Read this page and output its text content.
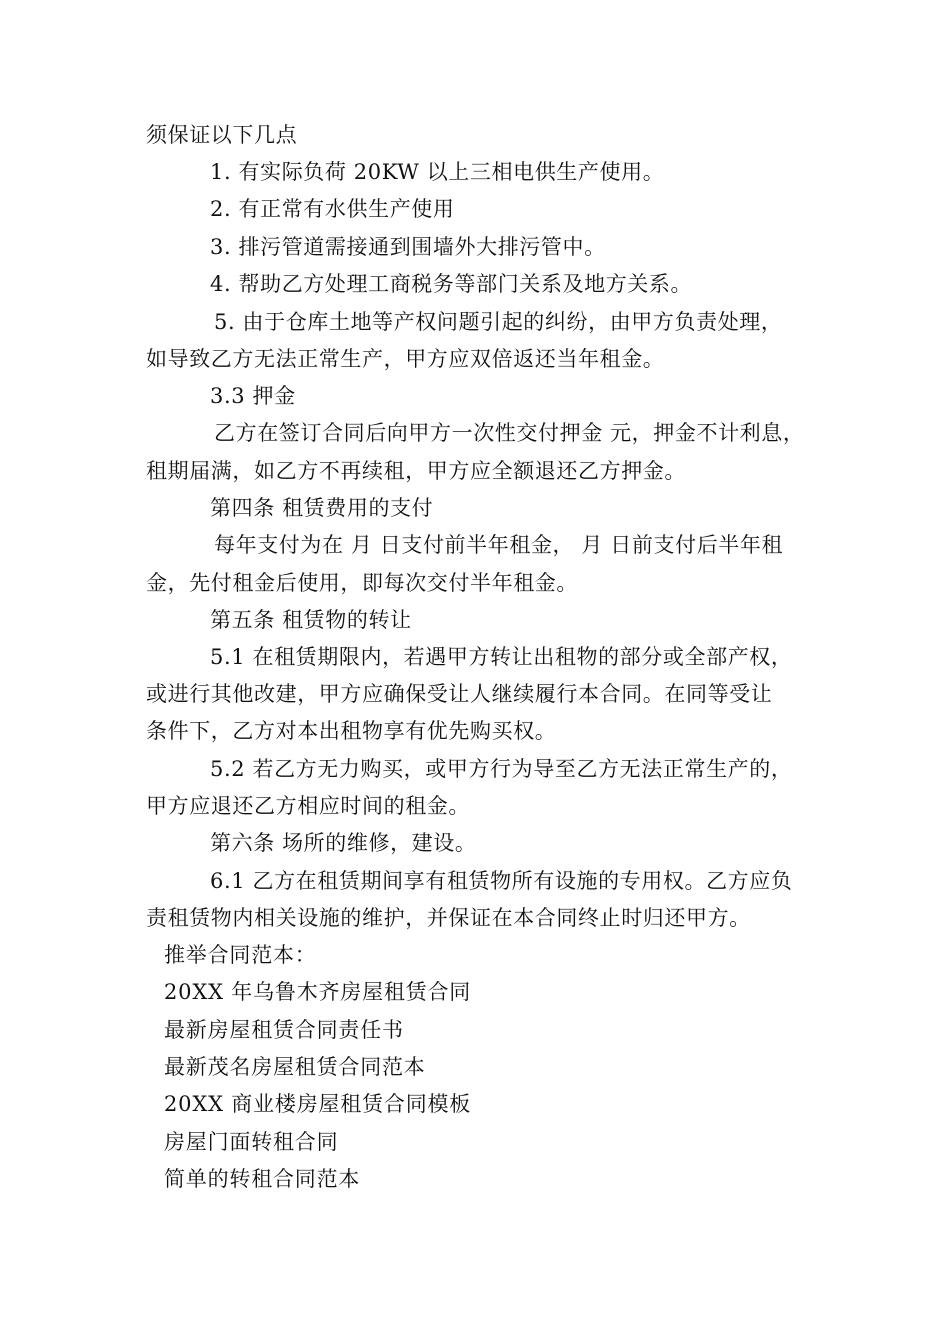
须保证以下几点
1. 有实际负荷 20KW 以上三相电供生产使用。
2. 有正常有水供生产使用
3. 排污管道需接通到围墙外大排污管中。
4. 帮助乙方处理工商税务等部门关系及地方关系。
5. 由于仓库土地等产权问题引起的纠纷，由甲方负责处理，
如导致乙方无法正常生产，甲方应双倍返还当年租金。
3.3 押金
乙方在签订合同后向甲方一次性交付押金 元，押金不计利息，
租期届满，如乙方不再续租，甲方应全额退还乙方押金。
第四条 租赁费用的支付
每年支付为在 月 日支付前半年租金， 月 日前支付后半年租
金，先付租金后使用，即每次交付半年租金。
第五条 租赁物的转让
5.1 在租赁期限内，若遇甲方转让出租物的部分或全部产权，
或进行其他改建，甲方应确保受让人继续履行本合同。在同等受让
条件下，乙方对本出租物享有优先购买权。
5.2 若乙方无力购买，或甲方行为导至乙方无法正常生产的，
甲方应退还乙方相应时间的租金。
第六条 场所的维修，建设。
6.1 乙方在租赁期间享有租赁物所有设施的专用权。乙方应负
责租赁物内相关设施的维护，并保证在本合同终止时归还甲方。
推举合同范本：
20XX 年乌鲁木齐房屋租赁合同
最新房屋租赁合同责任书
最新茂名房屋租赁合同范本
20XX 商业楼房屋租赁合同模板
房屋门面转租合同
简单的转租合同范本
